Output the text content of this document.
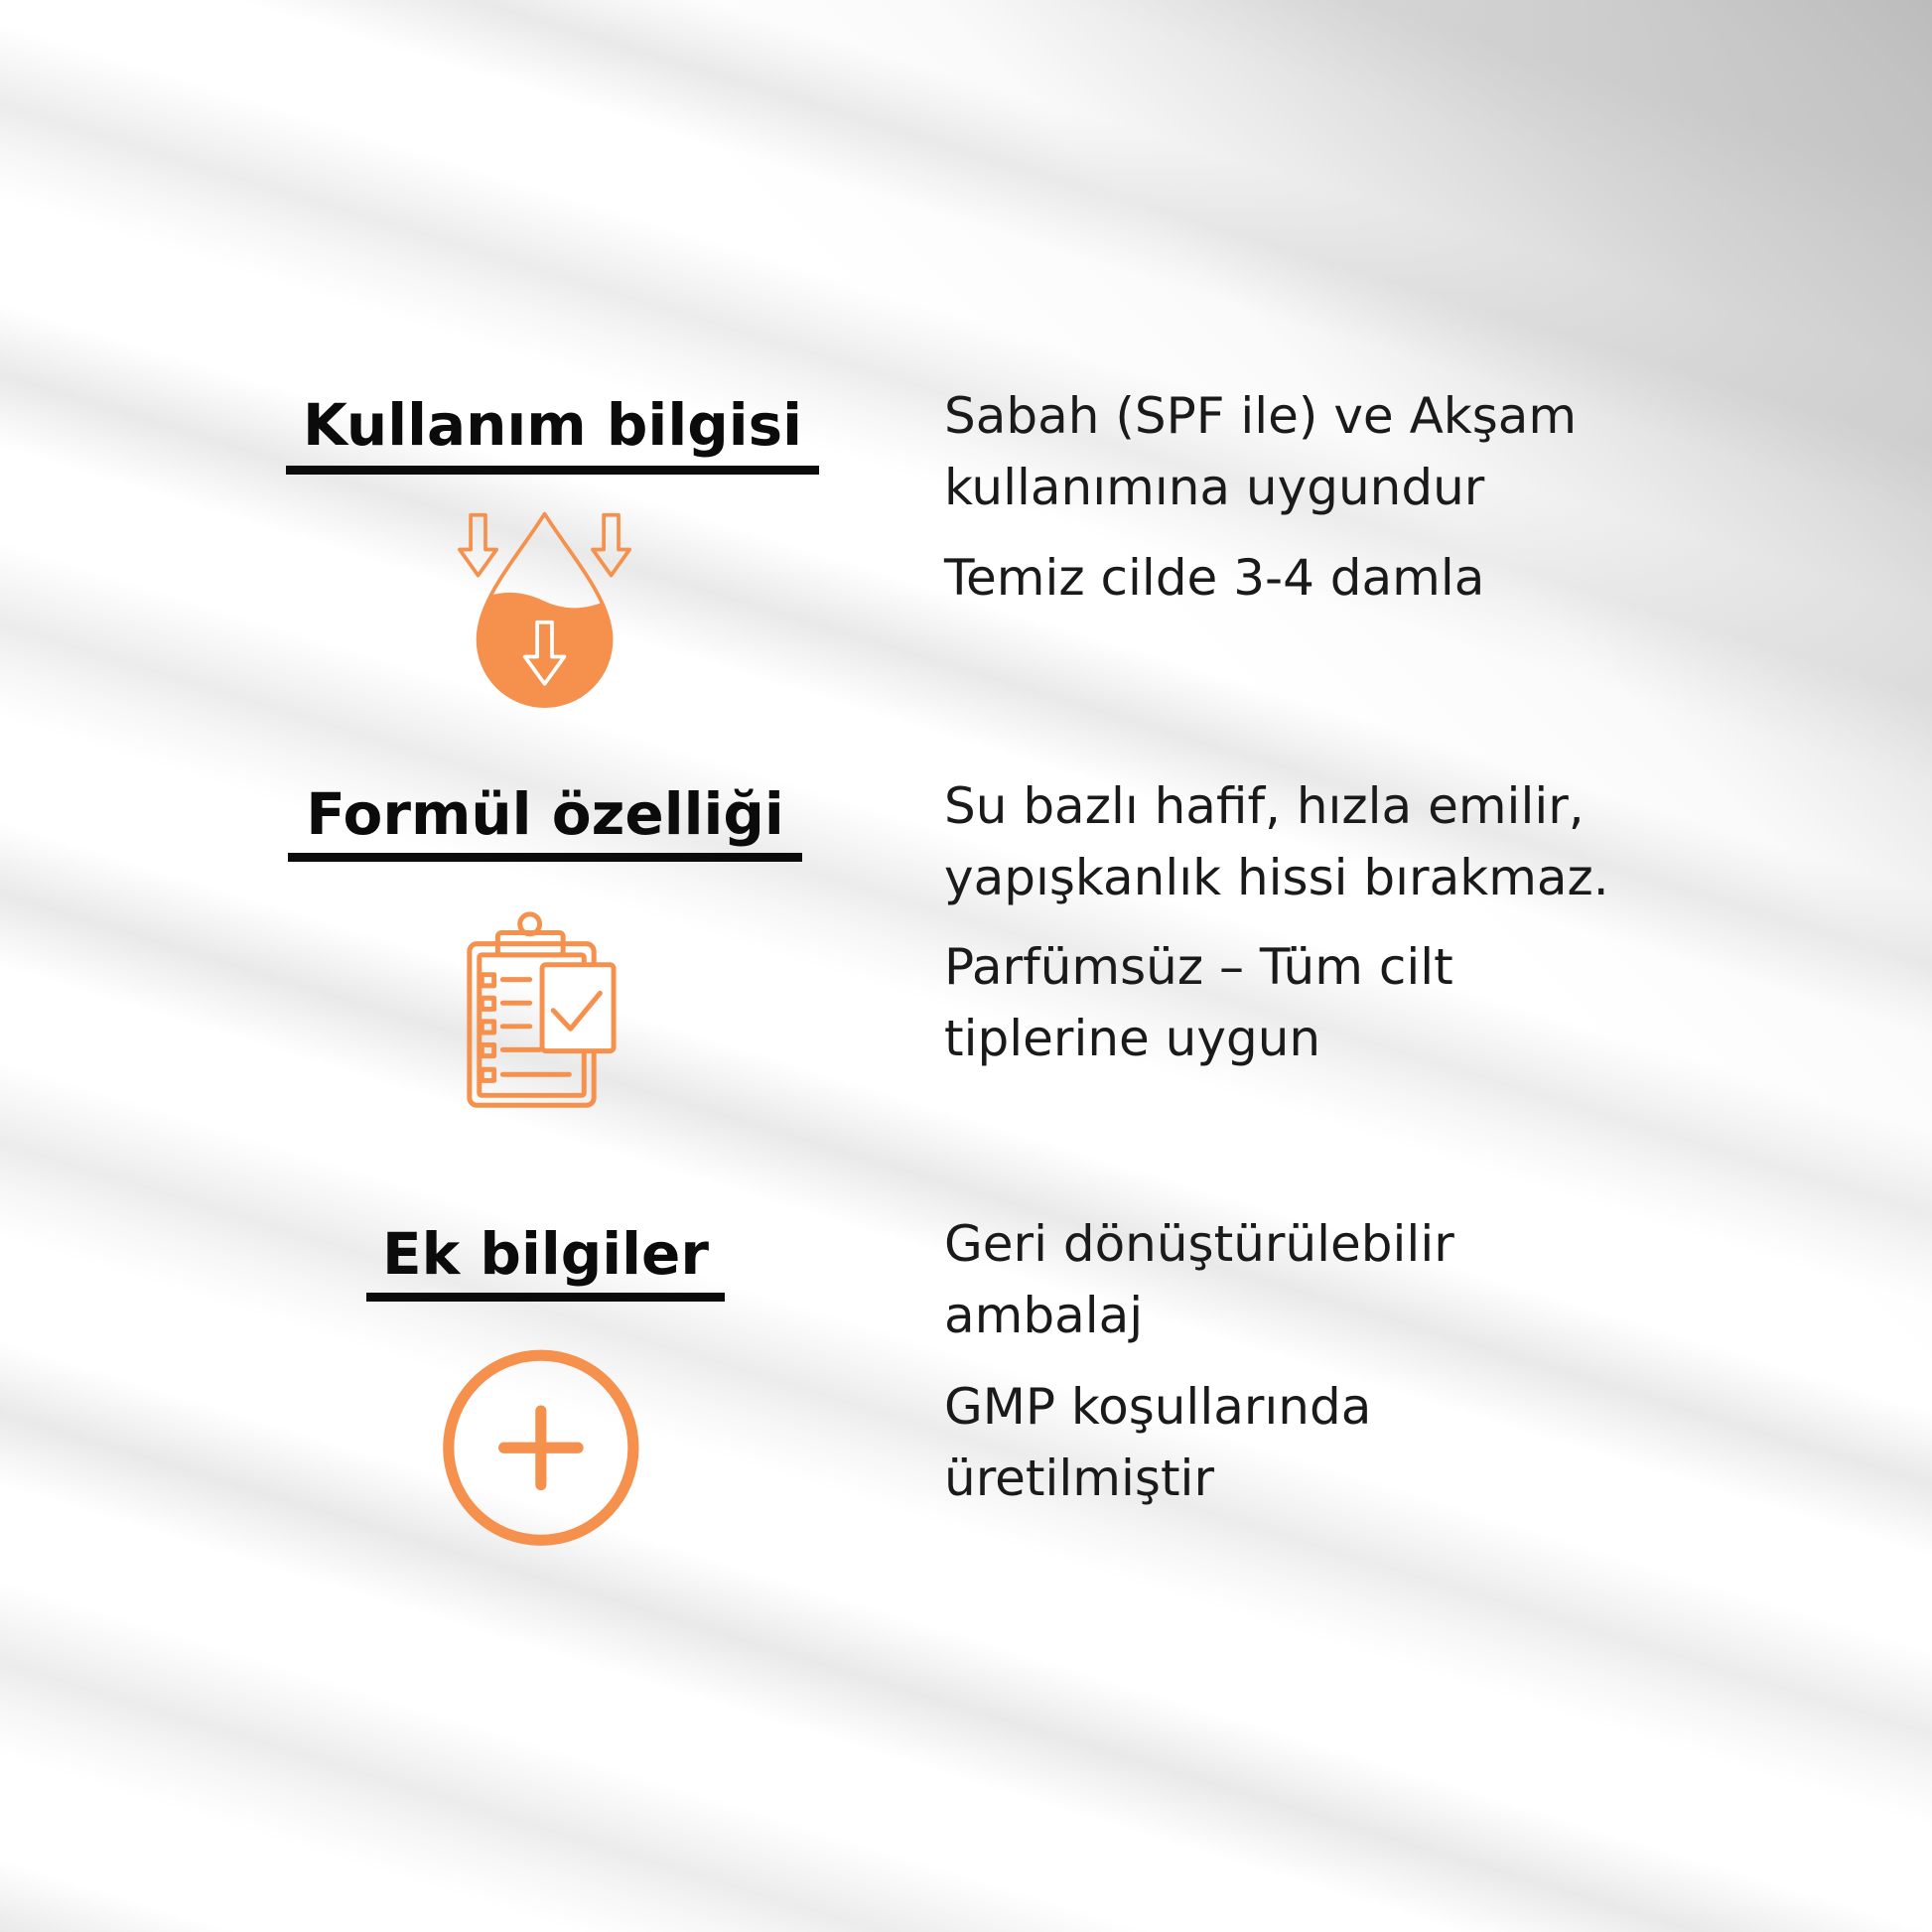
Kullanım bilgisi	Sabah (SPF ile) ve Akşam
kullanımına uygundur
Temiz cilde 3-4 damla
Formül özelliği	Su bazlı hafif, hızla emilir,
yapışkanlık hissi bırakmaz.
Parfümsüz – Tüm cilt
tiplerine uygun
Ek bilgiler	Geri dönüştürülebilir
ambalaj
GMP koşullarında
üretilmiştir
